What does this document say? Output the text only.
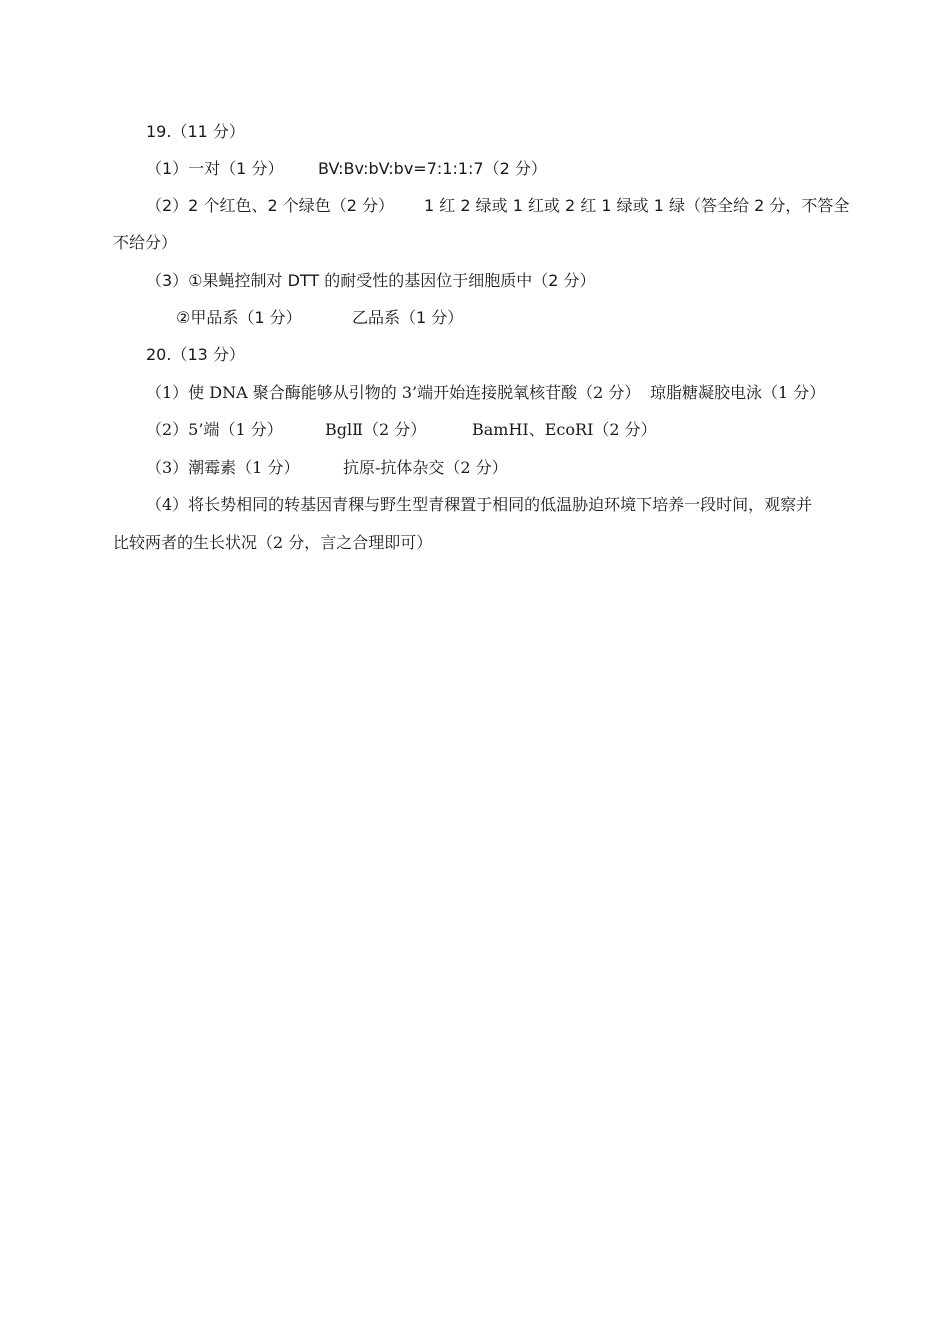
19.（11 分）
（1）一对（1 分） BV:Bv:bV:bv=7:1:1:7（2 分）
（2）2 个红色、2 个绿色（2 分） 1 红 2 绿或 1 红或 2 红 1 绿或 1 绿（答全给 2 分，不答全
不给分）
（3）①果蝇控制对 DTT 的耐受性的基因位于细胞质中（2 分）
②甲品系（1 分）	乙品系（1 分）
20.（13 分）
（1）使 DNA 聚合酶能够从引物的 3’端开始连接脱氧核苷酸（2 分） 琼脂糖凝胶电泳（1 分）
（2）5’端（1 分）	BglⅡ（2 分）	BamHⅠ、EcoRⅠ（2 分）
（3）潮霉素（1 分）	抗原-抗体杂交（2 分）
（4）将长势相同的转基因青稞与野生型青稞置于相同的低温胁迫环境下培养一段时间，观察并
比较两者的生长状况（2 分，言之合理即可）
